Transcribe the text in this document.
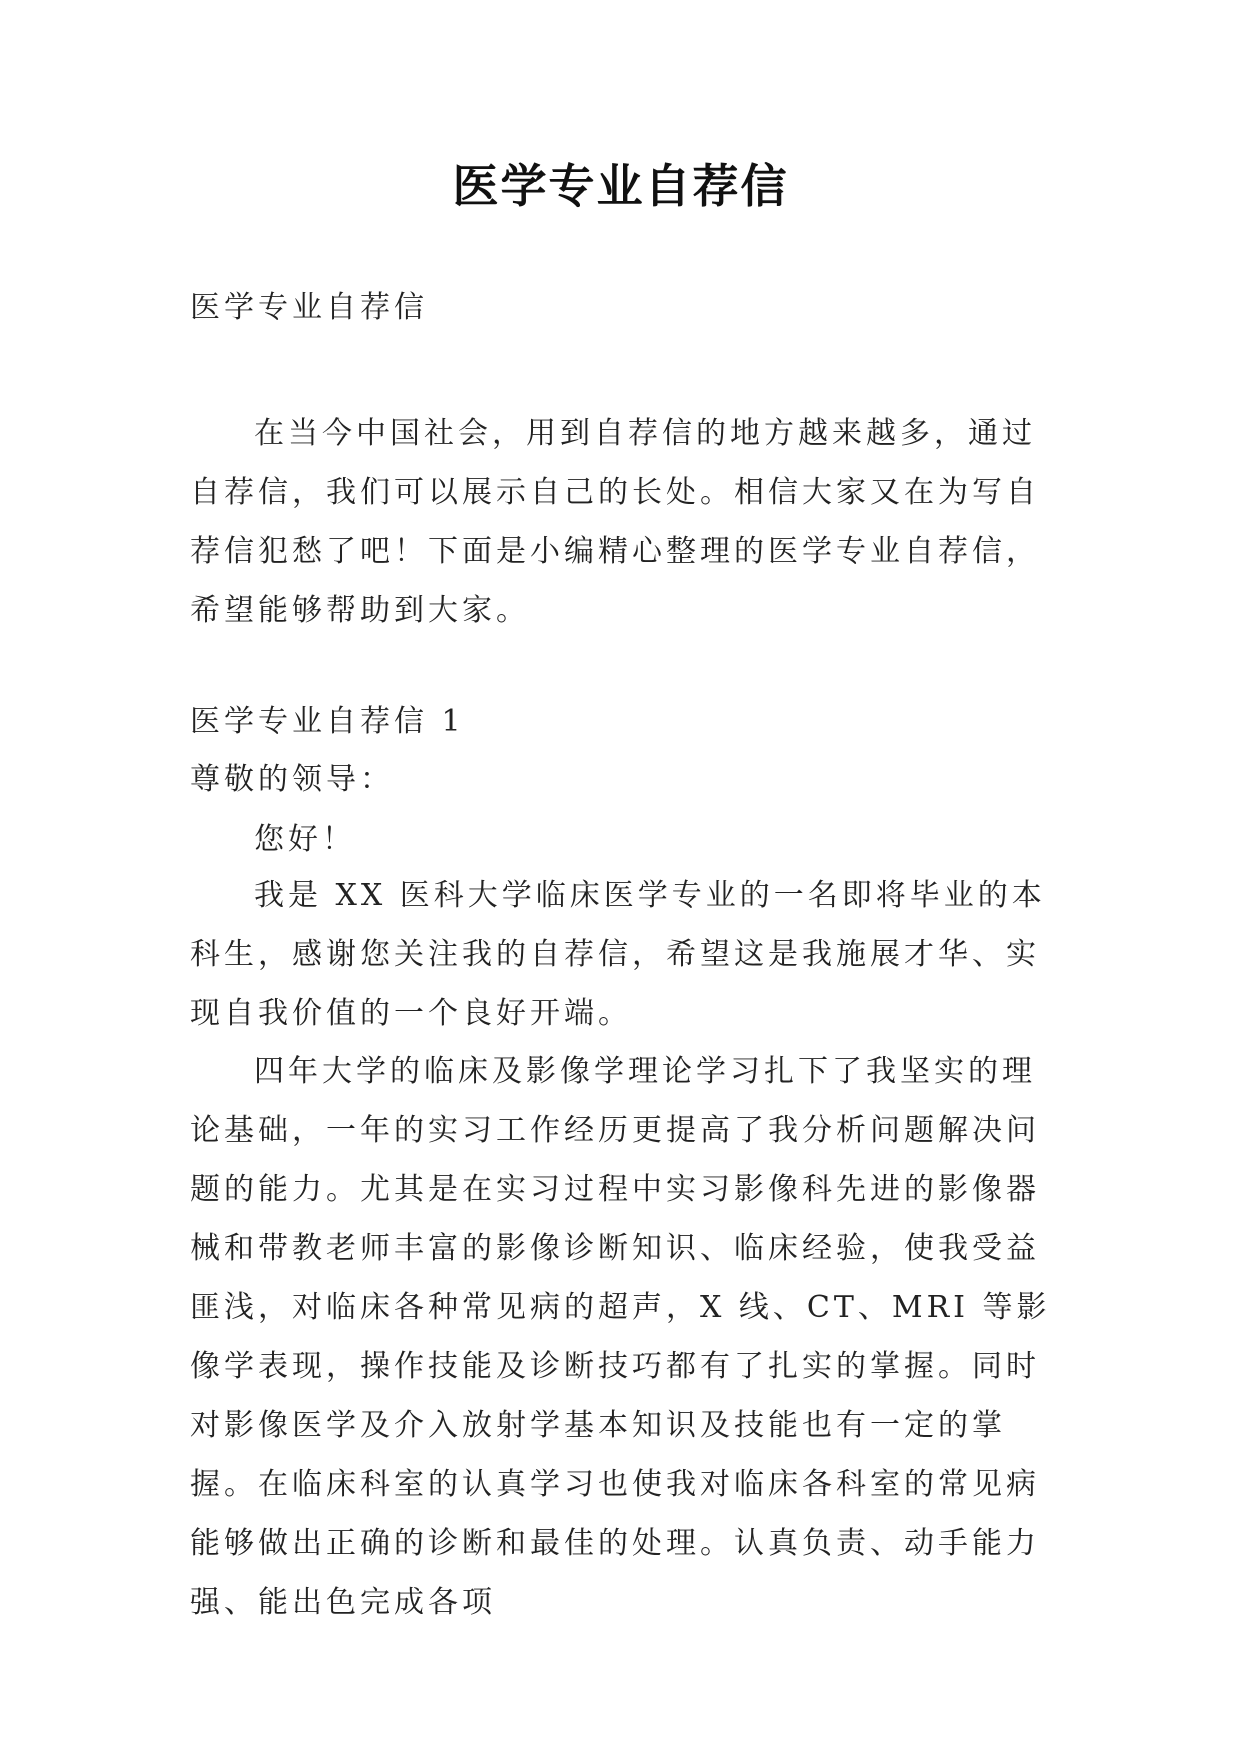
医学专业自荐信
医学专业自荐信
在当今中国社会，用到自荐信的地方越来越多，通过自荐信，我们可以展示自己的长处。相信大家又在为写自荐信犯愁了吧！下面是小编精心整理的医学专业自荐信，希望能够帮助到大家。
医学专业自荐信 1
尊敬的领导：
您好！
我是 XX 医科大学临床医学专业的一名即将毕业的本科生，感谢您关注我的自荐信，希望这是我施展才华、实现自我价值的一个良好开端。
四年大学的临床及影像学理论学习扎下了我坚实的理论基础，一年的实习工作经历更提高了我分析问题解决问题的能力。尤其是在实习过程中实习影像科先进的影像器械和带教老师丰富的影像诊断知识、临床经验，使我受益匪浅，对临床各种常见病的超声，X 线、CT、MRI 等影像学表现，操作技能及诊断技巧都有了扎实的掌握。同时对影像医学及介入放射学基本知识及技能也有一定的掌握。在临床科室的认真学习也使我对临床各科室的常见病能够做出正确的诊断和最佳的处理。认真负责、动手能力强、能出色完成各项
